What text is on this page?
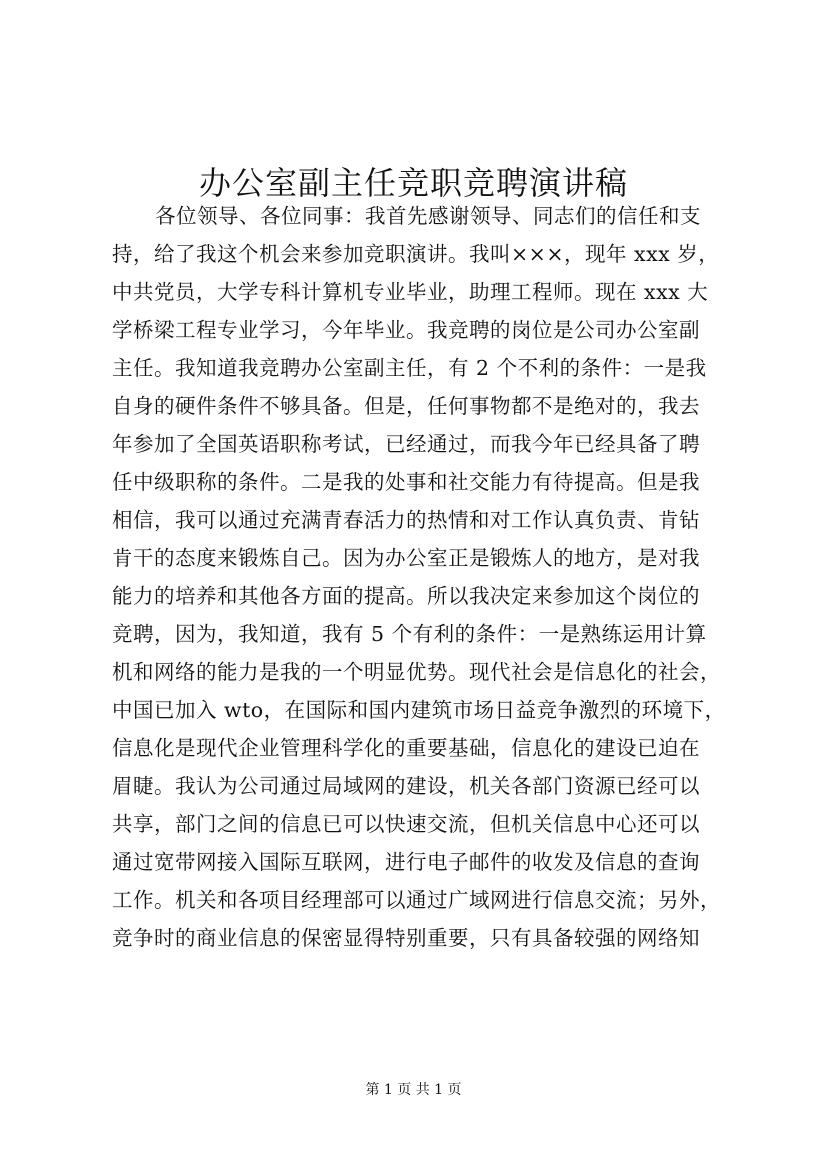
办公室副主任竞职竞聘演讲稿
各位领导、各位同事：我首先感谢领导、同志们的信任和支
持，给了我这个机会来参加竞职演讲。我叫×××，现年 xxx 岁，
中共党员，大学专科计算机专业毕业，助理工程师。现在 xxx 大
学桥梁工程专业学习，今年毕业。我竞聘的岗位是公司办公室副
主任。我知道我竞聘办公室副主任，有 2 个不利的条件：一是我
自身的硬件条件不够具备。但是，任何事物都不是绝对的，我去
年参加了全国英语职称考试，已经通过，而我今年已经具备了聘
任中级职称的条件。二是我的处事和社交能力有待提高。但是我
相信，我可以通过充满青春活力的热情和对工作认真负责、肯钻
肯干的态度来锻炼自己。因为办公室正是锻炼人的地方，是对我
能力的培养和其他各方面的提高。所以我决定来参加这个岗位的
竞聘，因为，我知道，我有 5 个有利的条件：一是熟练运用计算
机和网络的能力是我的一个明显优势。现代社会是信息化的社会，
中国已加入 wto，在国际和国内建筑市场日益竞争激烈的环境下，
信息化是现代企业管理科学化的重要基础，信息化的建设已迫在
眉睫。我认为公司通过局域网的建设，机关各部门资源已经可以
共享，部门之间的信息已可以快速交流，但机关信息中心还可以
通过宽带网接入国际互联网，进行电子邮件的收发及信息的查询
工作。机关和各项目经理部可以通过广域网进行信息交流；另外，
竞争时的商业信息的保密显得特别重要，只有具备较强的网络知
第 1 页 共 1 页
